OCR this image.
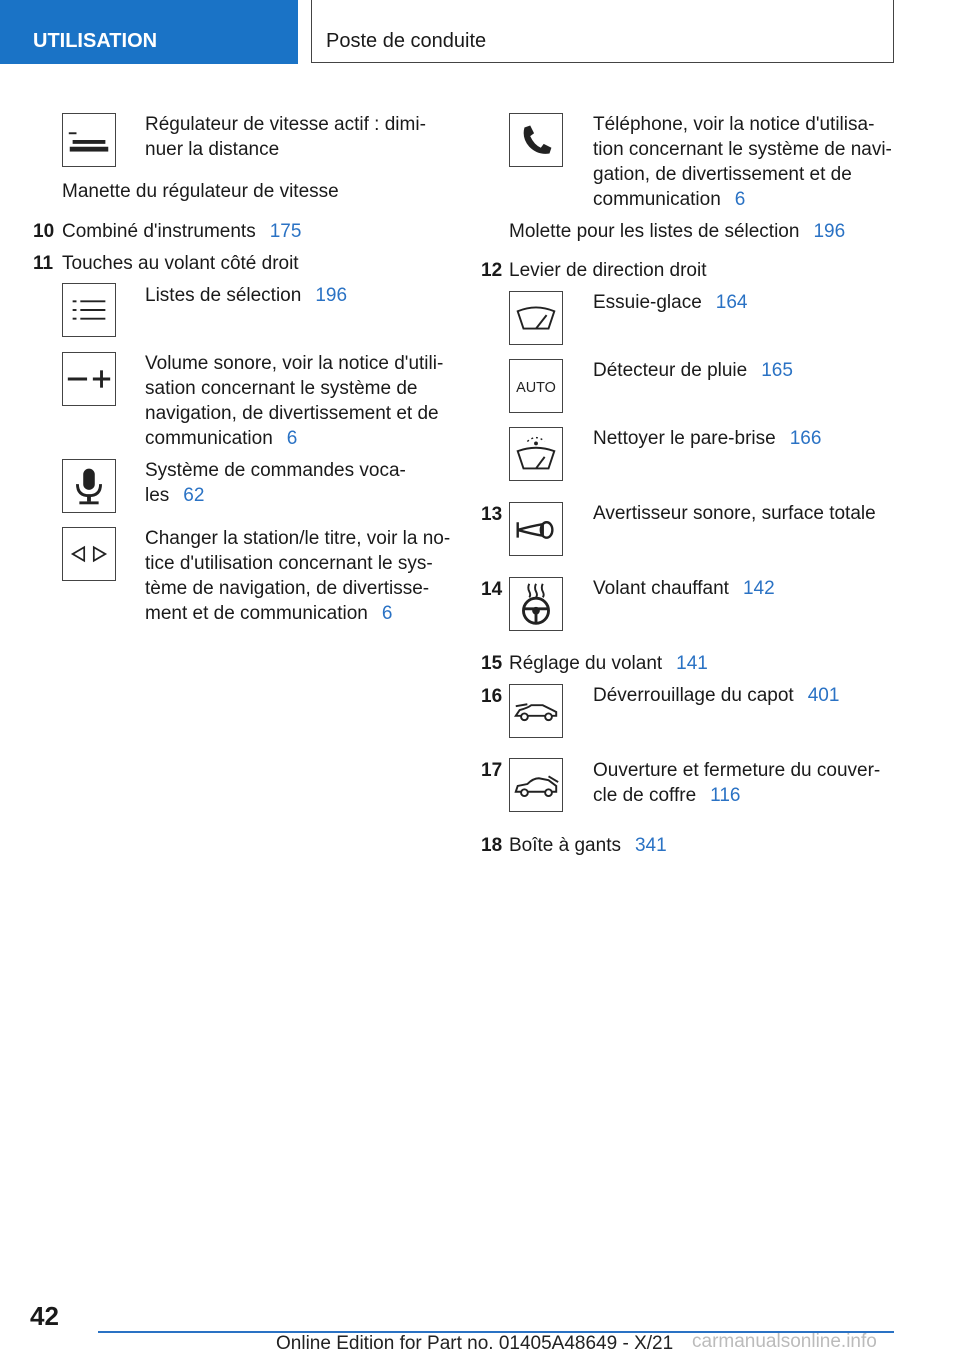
UTILISATION	Poste de conduite
Régulateur de vitesse actif : dimi-
nuer la distance
Manette du régulateur de vitesse
10 Combiné d'instruments 175
11 Touches au volant côté droit
Listes de sélection 196
Volume sonore, voir la notice d'utili-
sation concernant le système de
navigation, de divertissement et de
communication 6
Système de commandes voca-
les 62
Changer la station/le titre, voir la no-
tice d'utilisation concernant le sys-
tème de navigation, de divertisse-
ment et de communication 6
Téléphone, voir la notice d'utilisa-
tion concernant le système de navi-
gation, de divertissement et de
communication 6
Molette pour les listes de sélection 196
12 Levier de direction droit
Essuie-glace 164
AUTO
Détecteur de pluie 165
Nettoyer le pare-brise 166
13	Avertisseur sonore, surface totale
14	Volant chauffant 142
15 Réglage du volant 141
16	Déverrouillage du capot 401
17	Ouverture et fermeture du couver-
cle de coffre 116
18 Boîte à gants 341
42
Online Edition for Part no. 01405A48649 - X/21 carmanualsonline.info
